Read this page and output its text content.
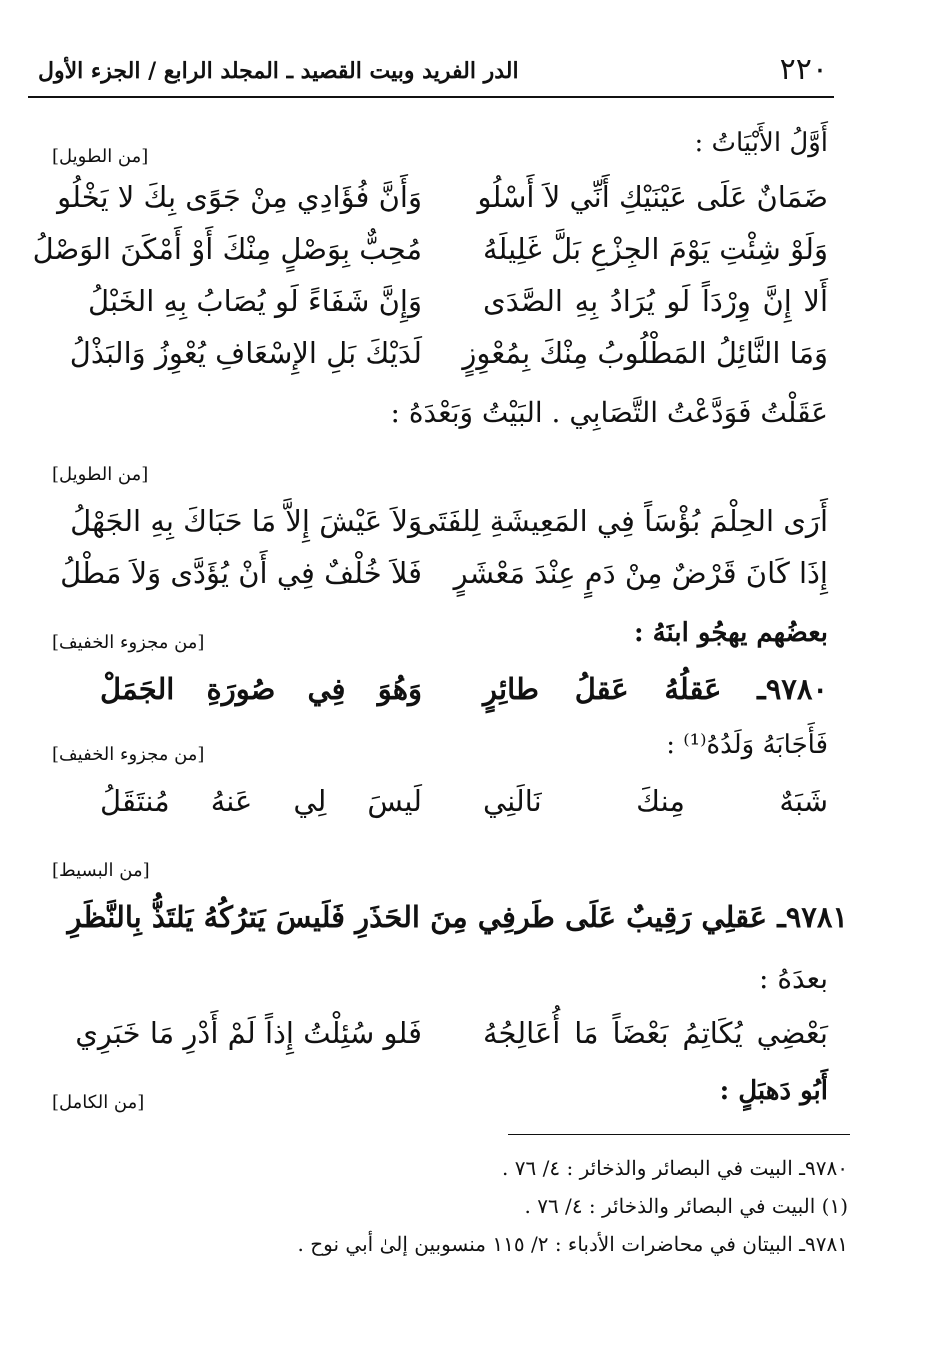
٢٢٠
الدر الفريد وبيت القصيد ـ المجلد الرابع / الجزء الأول
أَوَّلُ الأَبْيَاتُ :
[من الطويل]
ضَمَانٌ عَلَى عَيْنَيْكِ أَنِّي لاَ أَسْلُو
وَأَنَّ فُؤَادِي مِنْ جَوًى بِكَ لا يَخْلُو
وَلَوْ شِئْتِ يَوْمَ الجِزْعِ بَلَّ غَلِيلَهُ
مُحِبٌّ بِوَصْلٍ مِنْكَ أَوْ أَمْكَنَ الوَصْلُ
أَلا إِنَّ وِرْدَاً لَو يُرَادُ بِهِ الصَّدَى
وَإِنَّ شَفَاءً لَو يُصَابُ بِهِ الخَبْلُ
وَمَا النَّائِلُ المَطْلُوبُ مِنْكَ بِمُعْوِزٍ
لَدَيْكَ بَلِ الإِسْعَافِ يُعْوِزُ وَالبَذْلُ
عَقَلْتُ فَوَدَّعْتُ التَّصَابِي . البَيْتُ وَبَعْدَهُ :
[من الطويل]
أَرَى الحِلْمَ بُؤْسَاً فِي المَعِيشَةِ لِلفَتَى
وَلاَ عَيْشَ إِلاَّ مَا حَبَاكَ بِهِ الجَهْلُ
إِذَا كَانَ قَرْضٌ مِنْ دَمٍ عِنْدَ مَعْشَرٍ
فَلاَ خُلْفٌ فِي أَنْ يُؤَدَّى وَلاَ مَطْلُ
بعضُهم يهجُو ابنَهُ :
[من مجزوء الخفيف]
٩٧٨٠ـ عَقلُهُ عَقلُ طائِرٍ
وَهُوَ فِي صُورَةِ الجَمَلْ
فَأَجَابَهُ وَلَدُهُ⁽¹⁾ :
[من مجزوء الخفيف]
شَبَهٌ مِنكَ نَالَنِي
لَيسَ لِي عَنهُ مُنتَقَلُ
[من البسيط]
٩٧٨١ـ عَقلِي رَقِيبٌ عَلَى طَرفِي مِنَ الحَذَرِ فَلَيسَ يَترُكُهُ يَلتَذُّ بِالنَّظَرِ
بعدَهُ :
بَعْضِي يُكَاتِمُ بَعْضَاً مَا أُعَالِجُهُ
فَلو سُئِلْتُ إِذاً لَمْ أَدْرِ مَا خَبَرِي
أَبُو دَهبَلٍ :
[من الكامل]
٩٧٨٠ـ البيت في البصائر والذخائر : ٤/ ٧٦ .
(١) البيت في البصائر والذخائر : ٤/ ٧٦ .
٩٧٨١ـ البيتان في محاضرات الأدباء : ٢/ ١١٥ منسوبين إلىٰ أبي نوح .
